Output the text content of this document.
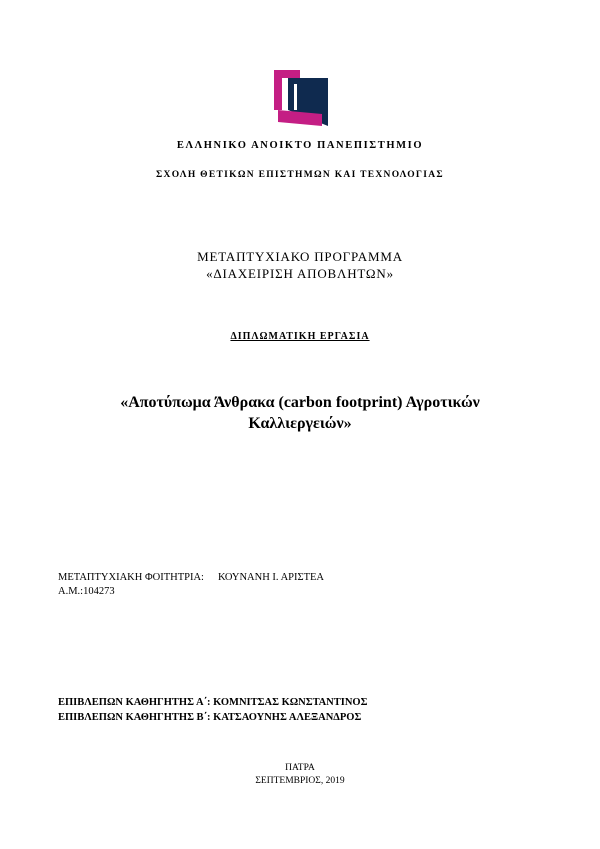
ΕΛΛΗΝΙΚΟ ΑΝΟΙΚΤΟ ΠΑΝΕΠΙΣΤΗΜΙΟ
ΣΧΟΛΗ ΘΕΤΙΚΩΝ ΕΠΙΣΤΗΜΩΝ ΚΑΙ ΤΕΧΝΟΛΟΓΙΑΣ
ΜΕΤΑΠΤΥΧΙΑΚΟ ΠΡΟΓΡΑΜΜΑ
«ΔΙΑΧΕΙΡΙΣΗ ΑΠΟΒΛΗΤΩΝ»
ΔΙΠΛΩΜΑΤΙΚΗ ΕΡΓΑΣΙΑ
«Αποτύπωμα Άνθρακα (carbon footprint) Αγροτικών
Καλλιεργειών»
ΜΕΤΑΠΤΥΧΙΑΚΗ ΦΟΙΤΗΤΡΙΑ: ΚΟΥΝΑΝΗ Ι. ΑΡΙΣΤΕΑ
Α.Μ.:104273
ΕΠΙΒΛΕΠΩΝ ΚΑΘΗΓΗΤΗΣ Α΄: ΚΟΜΝΙΤΣΑΣ ΚΩΝΣΤΑΝΤΙΝΟΣ
ΕΠΙΒΛΕΠΩΝ ΚΑΘΗΓΗΤΗΣ Β΄: ΚΑΤΣΑΟΥΝΗΣ ΑΛΕΞΑΝΔΡΟΣ
ΠΑΤΡΑ
ΣΕΠΤΕΜΒΡΙΟΣ, 2019
